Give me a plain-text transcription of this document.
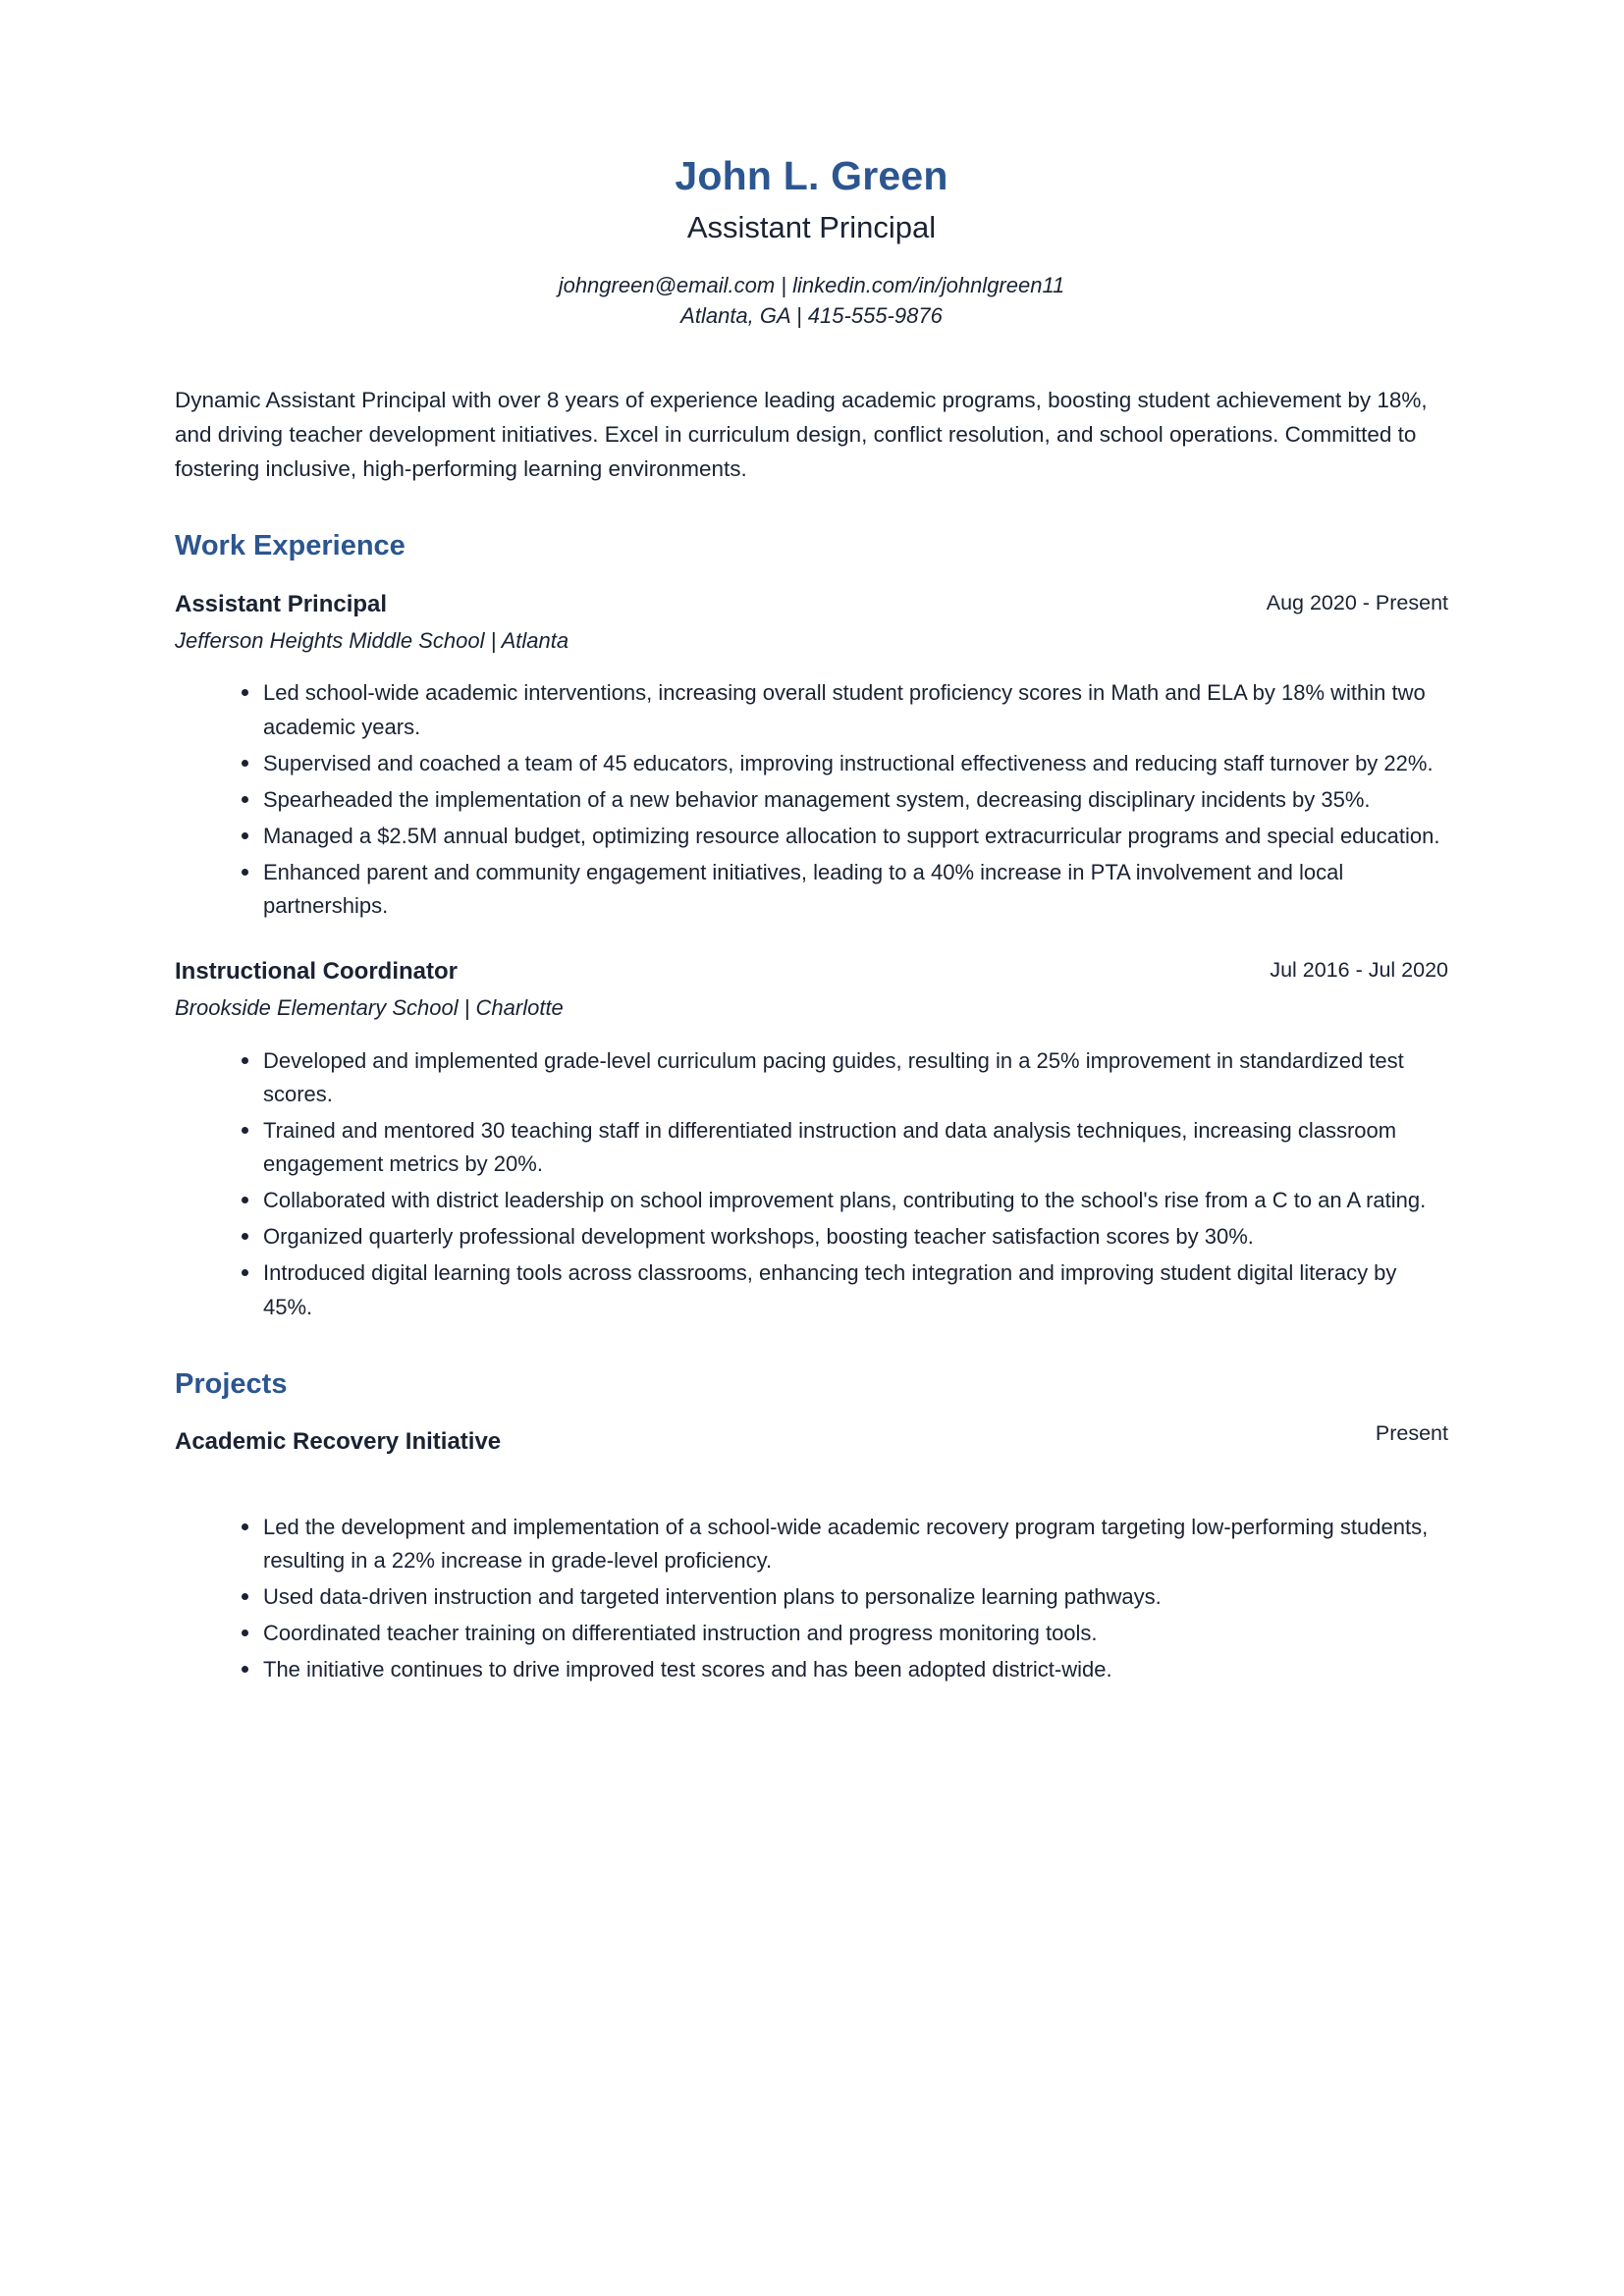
John L. Green
Assistant Principal
johngreen@email.com | linkedin.com/in/johnlgreen11
Atlanta, GA | 415-555-9876

Dynamic Assistant Principal with over 8 years of experience leading academic programs, boosting student achievement by 18%, and driving teacher development initiatives. Excel in curriculum design, conflict resolution, and school operations. Committed to fostering inclusive, high-performing learning environments.

Work Experience
Assistant Principal	Aug 2020 - Present
Jefferson Heights Middle School | Atlanta
Led school-wide academic interventions, increasing overall student proficiency scores in Math and ELA by 18% within two academic years.
Supervised and coached a team of 45 educators, improving instructional effectiveness and reducing staff turnover by 22%.
Spearheaded the implementation of a new behavior management system, decreasing disciplinary incidents by 35%.
Managed a $2.5M annual budget, optimizing resource allocation to support extracurricular programs and special education.
Enhanced parent and community engagement initiatives, leading to a 40% increase in PTA involvement and local partnerships.
Instructional Coordinator	Jul 2016 - Jul 2020
Brookside Elementary School | Charlotte
Developed and implemented grade-level curriculum pacing guides, resulting in a 25% improvement in standardized test scores.
Trained and mentored 30 teaching staff in differentiated instruction and data analysis techniques, increasing classroom engagement metrics by 20%.
Collaborated with district leadership on school improvement plans, contributing to the school's rise from a C to an A rating.
Organized quarterly professional development workshops, boosting teacher satisfaction scores by 30%.
Introduced digital learning tools across classrooms, enhancing tech integration and improving student digital literacy by 45%.
Projects
Academic Recovery Initiative	Present
Led the development and implementation of a school-wide academic recovery program targeting low-performing students, resulting in a 22% increase in grade-level proficiency.
Used data-driven instruction and targeted intervention plans to personalize learning pathways.
Coordinated teacher training on differentiated instruction and progress monitoring tools.
The initiative continues to drive improved test scores and has been adopted district-wide.
